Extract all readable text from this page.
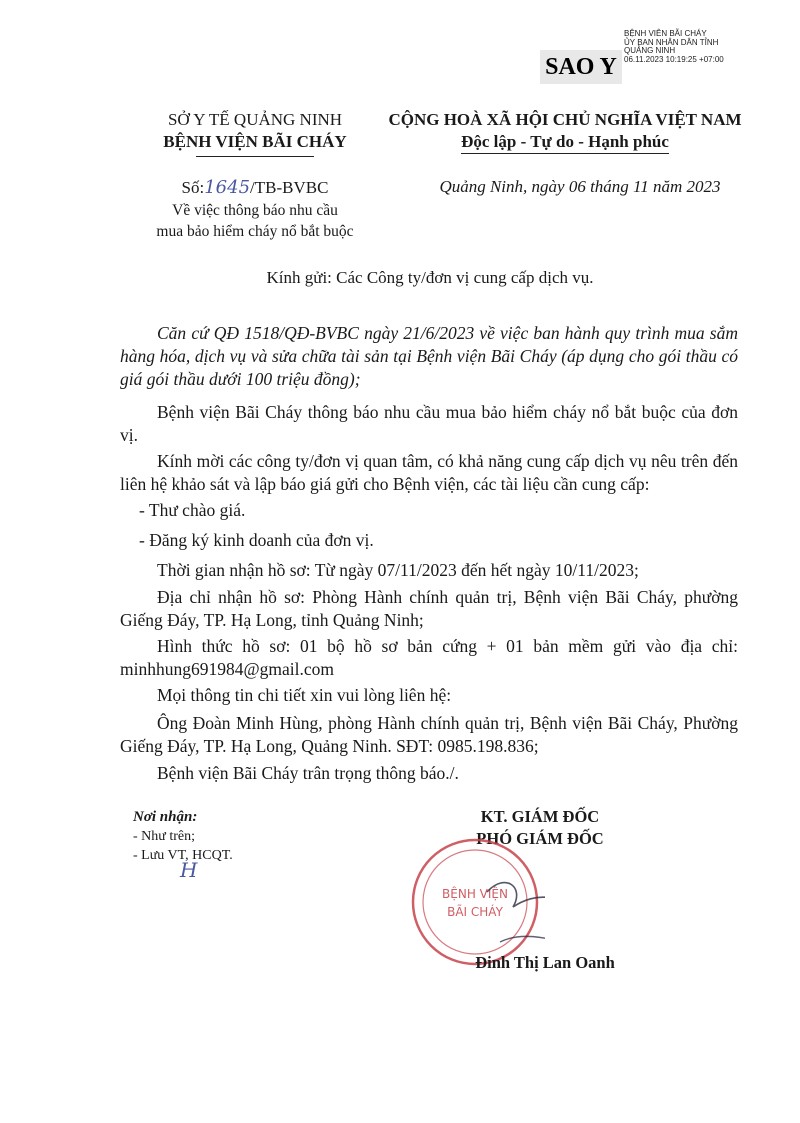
SAO Y
BỆNH VIÊN BÃI CHÁY
ỦY BAN NHÂN DÂN TỈNH QUẢNG NINH
06.11.2023 10:19:25 +07:00
SỞ Y TẾ QUẢNG NINH
BỆNH VIỆN BÃI CHÁY
CỘNG HOÀ XÃ HỘI CHỦ NGHĨA VIỆT NAM
Độc lập - Tự do - Hạnh phúc
Số:1645/TB-BVBC
Về việc thông báo nhu cầu
mua bảo hiểm cháy nổ bắt buộc
Quảng Ninh, ngày 06 tháng 11 năm 2023
Kính gửi: Các Công ty/đơn vị cung cấp dịch vụ.
Căn cứ QĐ 1518/QĐ-BVBC ngày 21/6/2023 về việc ban hành quy trình mua sắm hàng hóa, dịch vụ và sửa chữa tài sản tại Bệnh viện Bãi Cháy (áp dụng cho gói thầu có giá gói thầu dưới 100 triệu đồng);
Bệnh viện Bãi Cháy thông báo nhu cầu mua bảo hiểm cháy nổ bắt buộc của đơn vị.
Kính mời các công ty/đơn vị quan tâm, có khả năng cung cấp dịch vụ nêu trên đến liên hệ khảo sát và lập báo giá gửi cho Bệnh viện, các tài liệu cần cung cấp:
- Thư chào giá.
- Đăng ký kinh doanh của đơn vị.
Thời gian nhận hồ sơ: Từ ngày 07/11/2023 đến hết ngày 10/11/2023;
Địa chỉ nhận hồ sơ: Phòng Hành chính quản trị, Bệnh viện Bãi Cháy, phường Giếng Đáy, TP. Hạ Long, tỉnh Quảng Ninh;
Hình thức hồ sơ: 01 bộ hồ sơ bản cứng + 01 bản mềm gửi vào địa chỉ: minhhung691984@gmail.com
Mọi thông tin chi tiết xin vui lòng liên hệ:
Ông Đoàn Minh Hùng, phòng Hành chính quản trị, Bệnh viện Bãi Cháy, Phường Giếng Đáy, TP. Hạ Long, Quảng Ninh. SĐT: 0985.198.836;
Bệnh viện Bãi Cháy trân trọng thông báo./.
Nơi nhận:
- Như trên;
- Lưu VT, HCQT.
H
KT. GIÁM ĐỐC
PHÓ GIÁM ĐỐC
BỆNH VIỆN
BÃI CHÁY
Đinh Thị Lan Oanh
